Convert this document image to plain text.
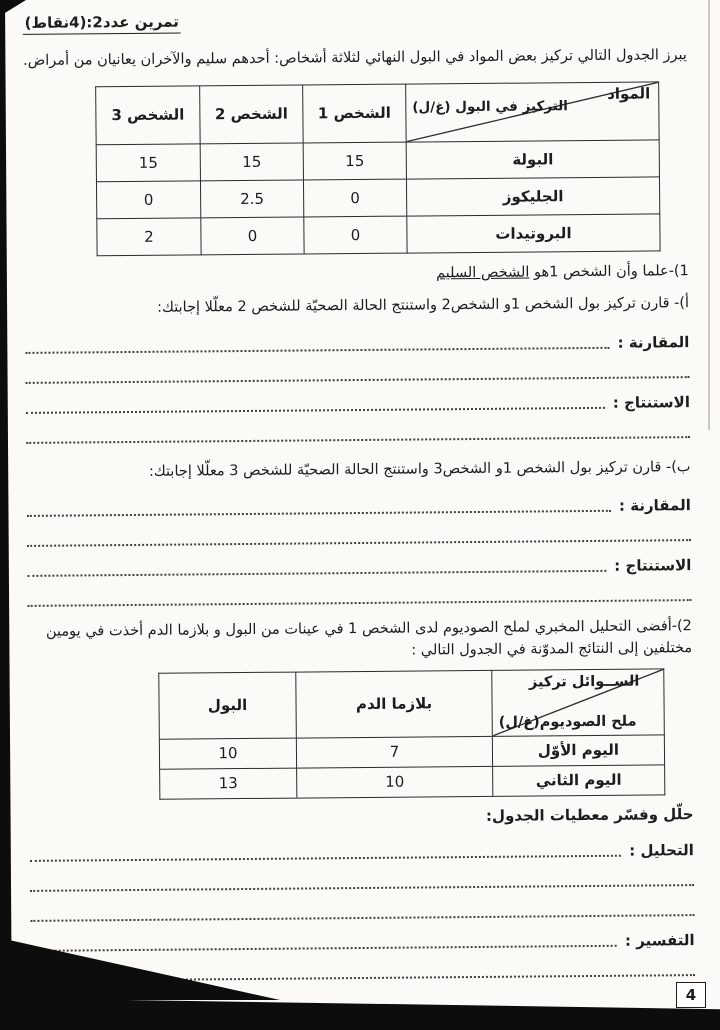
تمرين عدد2:(4نقاط)

يبرز الجدول التالي تركيز بعض المواد في البول النهائي لثلاثة أشخاص: أحدهم سليم والآخران يعانيان من أمراض.

المواد
التركيز في البول (غ/ل)	الشخص 1	الشخص 2	الشخص 3
البولة	15	15	15
الجليكوز	0	2.5	0
البروتيدات	0	0	2

1)-علما وأن الشخص 1هو الشخص السليم

أ)- قارن تركيز بول الشخص 1و الشخص2 واستنتج الحالة الصحيّة للشخص 2 معلّلا إجابتك:

المقارنة :
الاستنتاج :

ب)- قارن تركيز بول الشخص 1و الشخص3 واستنتج الحالة الصحيّة للشخص 3 معلّلا إجابتك:

المقارنة :
الاستنتاج :

2)-أفضى التحليل المخبري لملح الصوديوم لدى الشخص 1 في عينات من البول و بلازما الدم أخذت في يومين مختلفين إلى النتائج المدوّنة في الجدول التالي :

الســوائل تركيز
ملح الصوديوم(غ/ل)	بلازما الدم	البول
اليوم الأوّل	7	10
اليوم الثاني	10	13

حلّل وفسّر معطيات الجدول:

التحليل :
التفسير :
4
